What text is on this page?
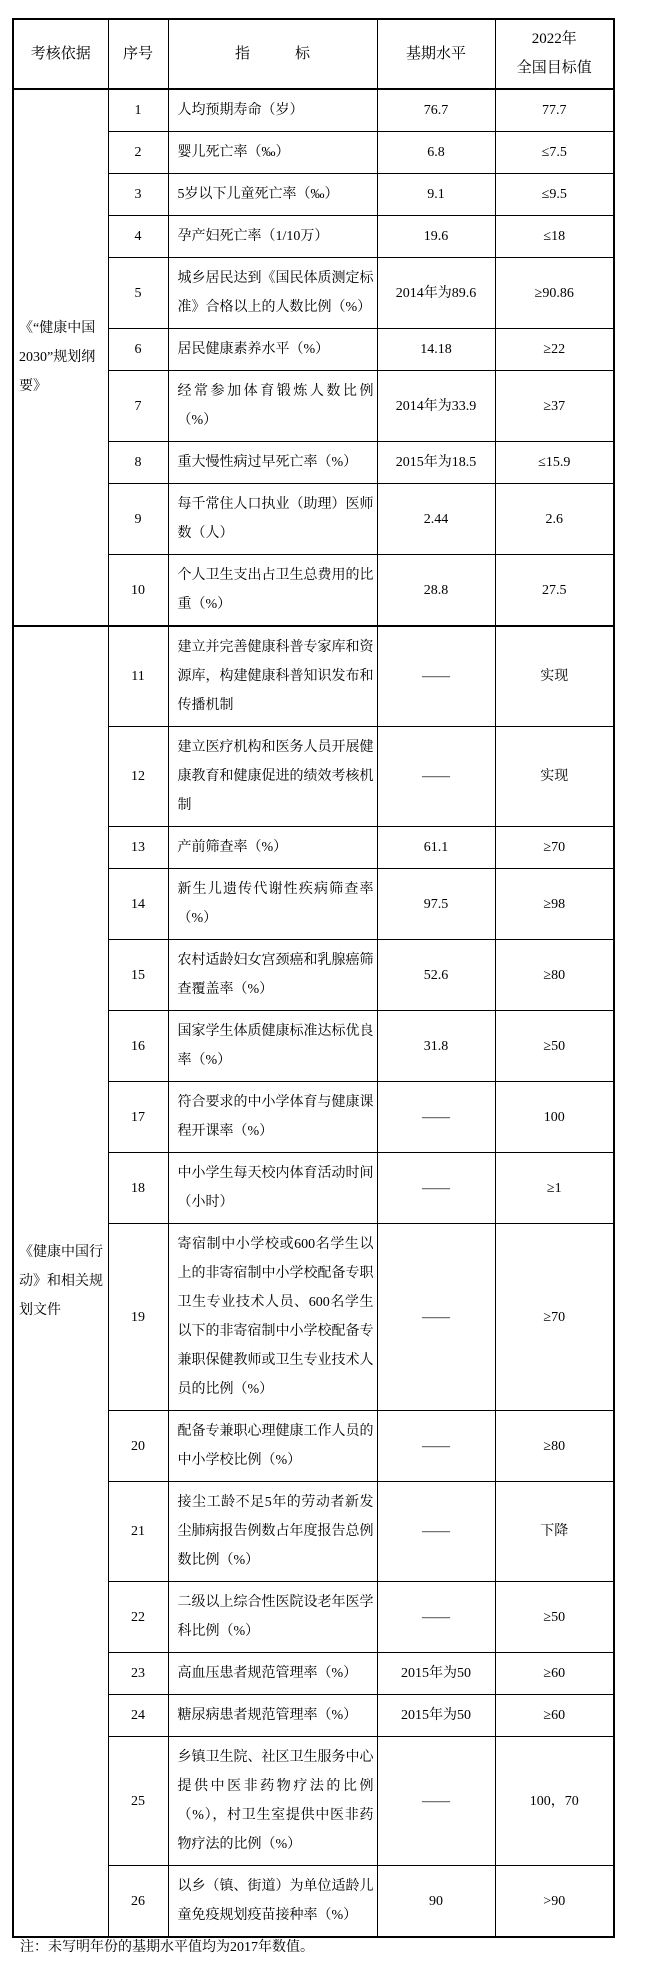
考核依据	序号	指　　　标	基期水平	2022年
全国目标值

《“健康中国2030”规划纲要》	1	人均预期寿命（岁）	76.7	77.7
	2	婴儿死亡率（‰）	6.8	≤7.5
	3	5岁以下儿童死亡率（‰）	9.1	≤9.5
	4	孕产妇死亡率（1/10万）	19.6	≤18
	5	城乡居民达到《国民体质测定标准》合格以上的人数比例（%）	2014年为89.6	≥90.86
	6	居民健康素养水平（%）	14.18	≥22
	7	经常参加体育锻炼人数比例（%）	2014年为33.9	≥37
	8	重大慢性病过早死亡率（%）	2015年为18.5	≤15.9
	9	每千常住人口执业（助理）医师数（人）	2.44	2.6
	10	个人卫生支出占卫生总费用的比重（%）	28.8	27.5
《健康中国行动》和相关规划文件	11	建立并完善健康科普专家库和资源库，构建健康科普知识发布和传播机制	——	实现
	12	建立医疗机构和医务人员开展健康教育和健康促进的绩效考核机制	——	实现
	13	产前筛查率（%）	61.1	≥70
	14	新生儿遗传代谢性疾病筛查率（%）	97.5	≥98
	15	农村适龄妇女宫颈癌和乳腺癌筛查覆盖率（%）	52.6	≥80
	16	国家学生体质健康标准达标优良率（%）	31.8	≥50
	17	符合要求的中小学体育与健康课程开课率（%）	——	100
	18	中小学生每天校内体育活动时间（小时）	——	≥1
	19	寄宿制中小学校或600名学生以上的非寄宿制中小学校配备专职卫生专业技术人员、600名学生以下的非寄宿制中小学校配备专兼职保健教师或卫生专业技术人员的比例（%）	——	≥70
	20	配备专兼职心理健康工作人员的中小学校比例（%）	——	≥80
	21	接尘工龄不足5年的劳动者新发尘肺病报告例数占年度报告总例数比例（%）	——	下降
	22	二级以上综合性医院设老年医学科比例（%）	——	≥50
	23	高血压患者规范管理率（%）	2015年为50	≥60
	24	糖尿病患者规范管理率（%）	2015年为50	≥60
	25	乡镇卫生院、社区卫生服务中心提供中医非药物疗法的比例（%），村卫生室提供中医非药物疗法的比例（%）	——	100，70
	26	以乡（镇、街道）为单位适龄儿童免疫规划疫苗接种率（%）	90	>90
注：未写明年份的基期水平值均为2017年数值。
